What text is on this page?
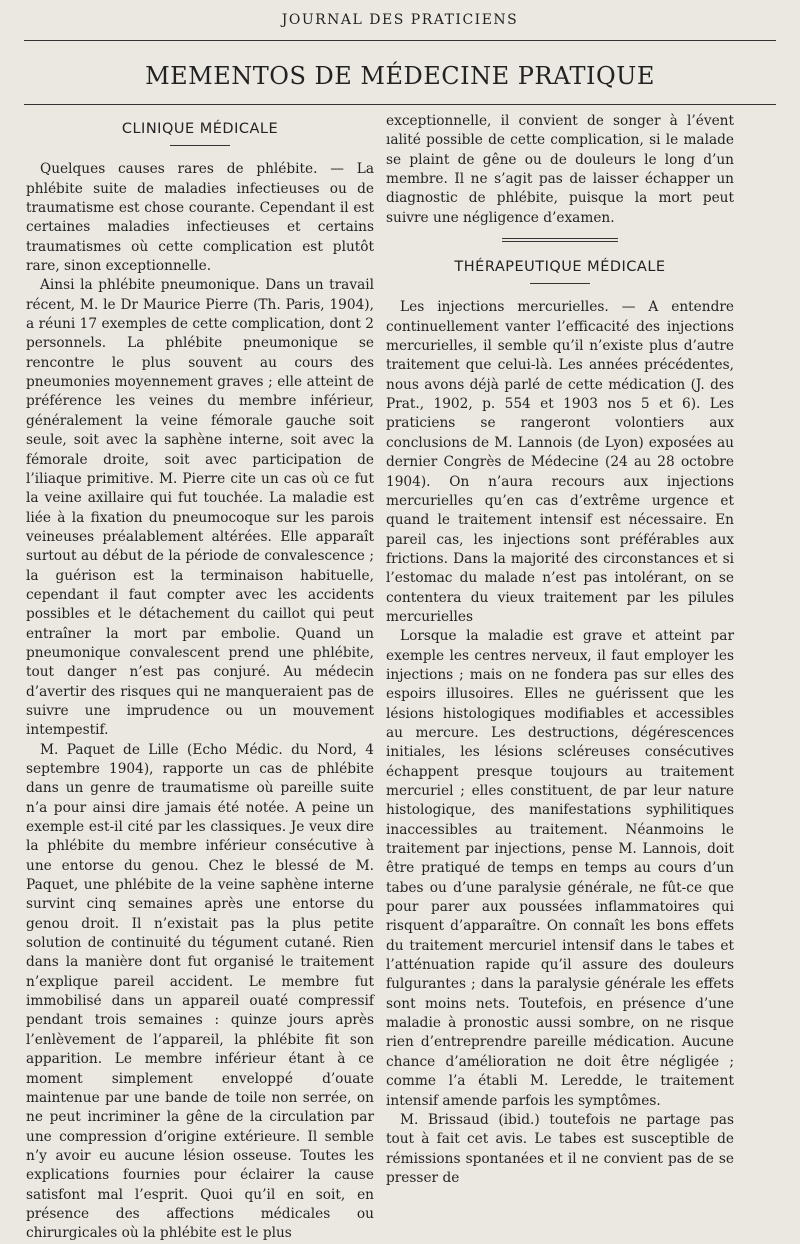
JOURNAL DES PRATICIENS
MEMENTOS DE MÉDECINE PRATIQUE
CLINIQUE MÉDICALE

Quelques causes rares de phlébite. — La phlébite suite de maladies infectieuses ou de traumatisme est chose courante. Cependant il est certaines maladies infectieuses et certains traumatismes où cette complication est plutôt rare, sinon exceptionnelle.

Ainsi la phlébite pneumonique. Dans un travail récent, M. le Dr Maurice Pierre (Th. Paris, 1904), a réuni 17 exemples de cette complication, dont 2 personnels. La phlébite pneumonique se rencontre le plus souvent au cours des pneumonies moyennement graves ; elle atteint de préférence les veines du membre inférieur, généralement la veine fémorale gauche soit seule, soit avec la saphène interne, soit avec la fémorale droite, soit avec participation de l’iliaque primitive. M. Pierre cite un cas où ce fut la veine axillaire qui fut touchée. La maladie est liée à la fixation du pneumocoque sur les parois veineuses préalablement altérées. Elle apparaît surtout au début de la période de convalescence ; la guérison est la terminaison habituelle, cependant il faut compter avec les accidents possibles et le détachement du caillot qui peut entraîner la mort par embolie. Quand un pneumonique convalescent prend une phlébite, tout danger n’est pas conjuré. Au médecin d’avertir des risques qui ne manqueraient pas de suivre une imprudence ou un mouvement intempestif.

M. Paquet de Lille (Echo Médic. du Nord, 4 septembre 1904), rapporte un cas de phlébite dans un genre de traumatisme où pareille suite n’a pour ainsi dire jamais été notée. A peine un exemple est-il cité par les classiques. Je veux dire la phlébite du membre inférieur consécutive à une entorse du genou. Chez le blessé de M. Paquet, une phlébite de la veine saphène interne survint cinq semaines après une entorse du genou droit. Il n’existait pas la plus petite solution de continuité du tégument cutané. Rien dans la manière dont fut organisé le traitement n’explique pareil accident. Le membre fut immobilisé dans un appareil ouaté compressif pendant trois semaines : quinze jours après l’enlèvement de l’appareil, la phlébite fit son apparition. Le membre inférieur étant à ce moment simplement enveloppé d’ouate maintenue par une bande de toile non serrée, on ne peut incriminer la gêne de la circulation par une compression d’origine extérieure. Il semble n’y avoir eu aucune lésion osseuse. Toutes les explications fournies pour éclairer la cause satisfont mal l’esprit. Quoi qu’il en soit, en présence des affections médicales ou chirurgicales où la phlébite est le plus

exceptionnelle, il convient de songer à l’évent ıalité possible de cette complication, si le malade se plaint de gêne ou de douleurs le long d’un membre. Il ne s’agit pas de laisser échapper un diagnostic de phlébite, puisque la mort peut suivre une négligence d’examen.

THÉRAPEUTIQUE MÉDICALE

Les injections mercurielles. — A entendre continuellement vanter l’efficacité des injections mercurielles, il semble qu’il n’existe plus d’autre traitement que celui-là. Les années précédentes, nous avons déjà parlé de cette médication (J. des Prat., 1902, p. 554 et 1903 nos 5 et 6). Les praticiens se rangeront volontiers aux conclusions de M. Lannois (de Lyon) exposées au dernier Congrès de Médecine (24 au 28 octobre 1904). On n’aura recours aux injections mercurielles qu’en cas d’extrême urgence et quand le traitement intensif est nécessaire. En pareil cas, les injections sont préférables aux frictions. Dans la majorité des circonstances et si l’estomac du malade n’est pas intolérant, on se contentera du vieux traitement par les pilules mercurielles

Lorsque la maladie est grave et atteint par exemple les centres nerveux, il faut employer les injections ; mais on ne fondera pas sur elles des espoirs illusoires. Elles ne guérissent que les lésions histologiques modifiables et accessibles au mercure. Les destructions, dégérescences initiales, les lésions scléreuses consécutives échappent presque toujours au traitement mercuriel ; elles constituent, de par leur nature histologique, des manifestations syphilitiques inaccessibles au traitement. Néanmoins le traitement par injections, pense M. Lannois, doit être pratiqué de temps en temps au cours d’un tabes ou d’une paralysie générale, ne fût-ce que pour parer aux poussées inflammatoires qui risquent d’apparaître. On connaît les bons effets du traitement mercuriel intensif dans le tabes et l’atténuation rapide qu’il assure des douleurs fulgurantes ; dans la paralysie générale les effets sont moins nets. Toutefois, en présence d’une maladie à pronostic aussi sombre, on ne risque rien d’entreprendre pareille médication. Aucune chance d’amélioration ne doit être négligée ; comme l’a établi M. Leredde, le traitement intensif amende parfois les symptômes.

M. Brissaud (ibid.) toutefois ne partage pas tout à fait cet avis. Le tabes est susceptible de rémissions spontanées et il ne convient pas de se presser de
